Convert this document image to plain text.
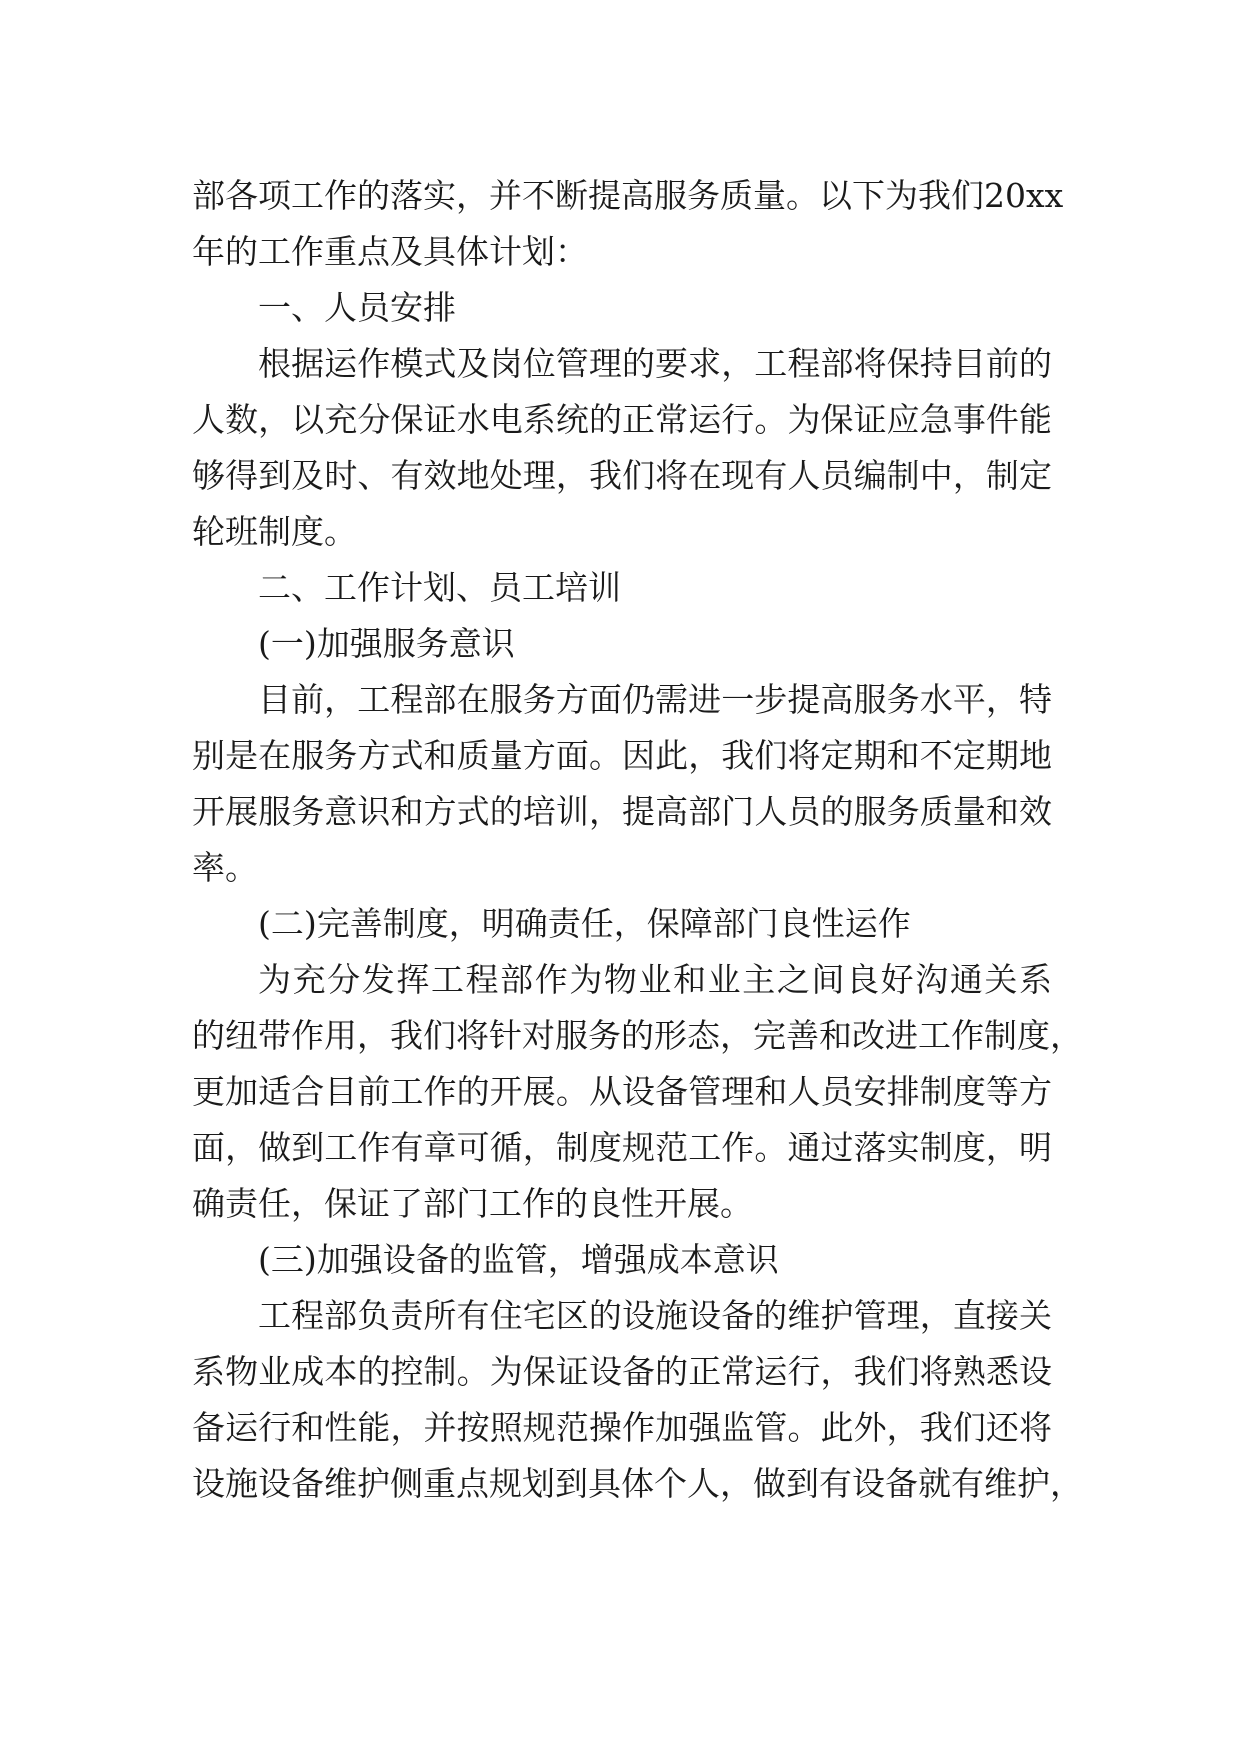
部各项工作的落实，并不断提高服务质量。以下为我们20xx
年的工作重点及具体计划：
一、人员安排
根据运作模式及岗位管理的要求，工程部将保持目前的
人数，以充分保证水电系统的正常运行。为保证应急事件能
够得到及时、有效地处理，我们将在现有人员编制中，制定
轮班制度。
二、工作计划、员工培训
(一)加强服务意识
目前，工程部在服务方面仍需进一步提高服务水平，特
别是在服务方式和质量方面。因此，我们将定期和不定期地
开展服务意识和方式的培训，提高部门人员的服务质量和效
率。
(二)完善制度，明确责任，保障部门良性运作
为充分发挥工程部作为物业和业主之间良好沟通关系
的纽带作用，我们将针对服务的形态，完善和改进工作制度，
更加适合目前工作的开展。从设备管理和人员安排制度等方
面，做到工作有章可循，制度规范工作。通过落实制度，明
确责任，保证了部门工作的良性开展。
(三)加强设备的监管，增强成本意识
工程部负责所有住宅区的设施设备的维护管理，直接关
系物业成本的控制。为保证设备的正常运行，我们将熟悉设
备运行和性能，并按照规范操作加强监管。此外，我们还将
设施设备维护侧重点规划到具体个人，做到有设备就有维护，
